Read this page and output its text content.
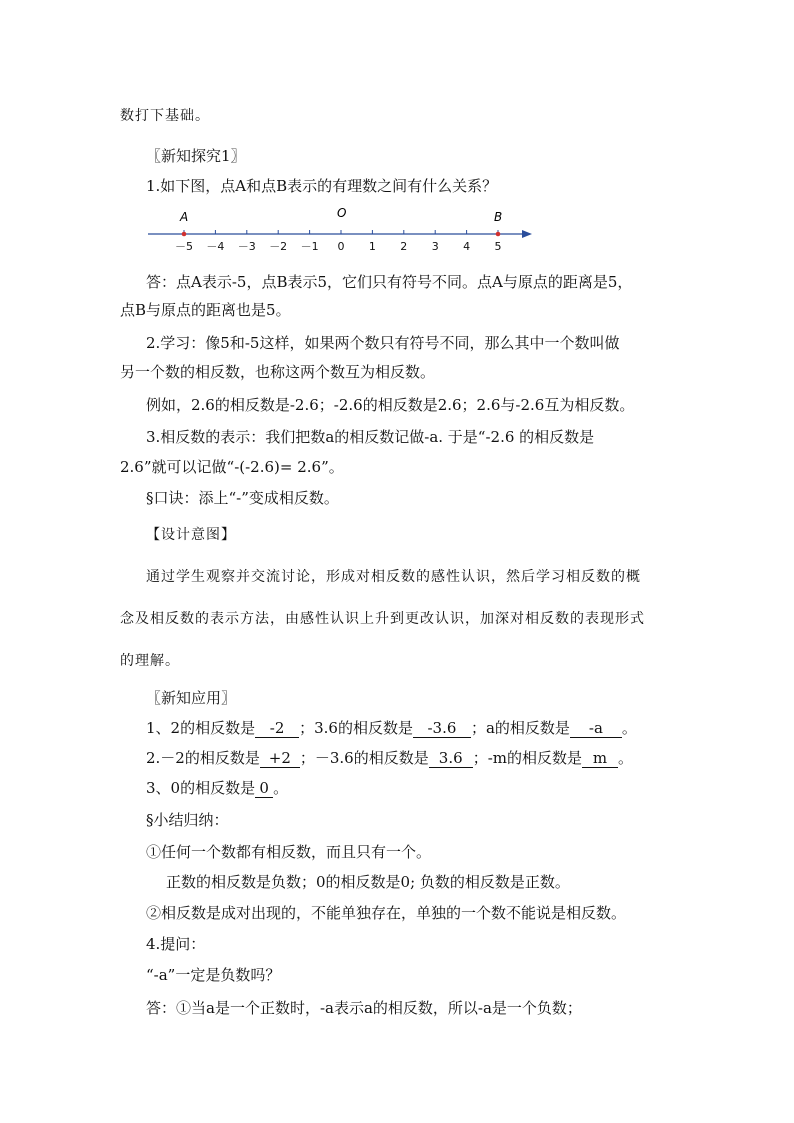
数打下基础。
〖新知探究1〗
1.如下图，点A和点B表示的有理数之间有什么关系？
－5 －4 －3 －2 －1 0 1 2 3 4 5
A	O	B
答：点A表示-5，点B表示5，它们只有符号不同。点A与原点的距离是5，
点B与原点的距离也是5。
2.学习：像5和-5这样，如果两个数只有符号不同，那么其中一个数叫做
另一个数的相反数，也称这两个数互为相反数。
例如，2.6的相反数是-2.6；-2.6的相反数是2.6；2.6与-2.6互为相反数。
3.相反数的表示：我们把数a的相反数记做-a. 于是“-2.6 的相反数是
2.6”就可以记做“-(-2.6)= 2.6”。
§口诀：添上“-”变成相反数。
【设计意图】
通过学生观察并交流讨论，形成对相反数的感性认识，然后学习相反数的概
念及相反数的表示方法，由感性认识上升到更改认识，加深对相反数的表现形式
的理解。
〖新知应用〗
1、2的相反数是 -2 ；3.6的相反数是 -3.6 ；a的相反数是 -a 。
2.－2的相反数是 +2 ；－3.6的相反数是 3.6 ；-m的相反数是 m 。
3、0的相反数是 0 。
§小结归纳：
①任何一个数都有相反数，而且只有一个。
正数的相反数是负数；0的相反数是0; 负数的相反数是正数。
②相反数是成对出现的，不能单独存在，单独的一个数不能说是相反数。
4.提问：
“-a”一定是负数吗？
答：①当a是一个正数时，-a表示a的相反数，所以-a是一个负数；
